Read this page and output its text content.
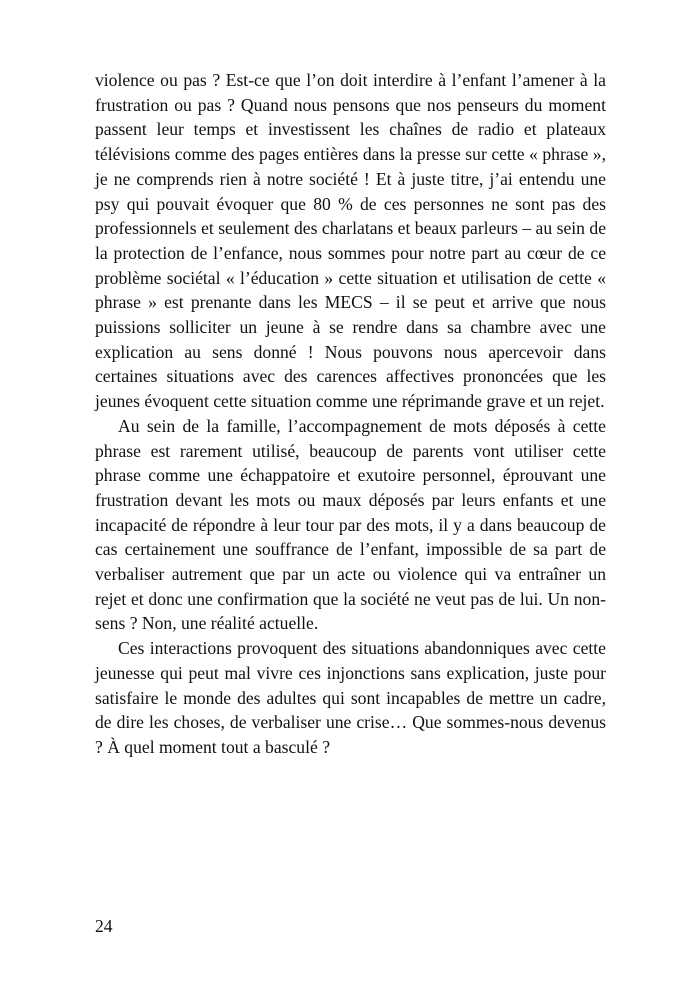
violence ou pas ? Est-ce que l’on doit interdire à l’enfant l’amener à la frustration ou pas ? Quand nous pensons que nos penseurs du moment passent leur temps et investissent les chaînes de radio et plateaux télévisions comme des pages entières dans la presse sur cette « phrase », je ne comprends rien à notre société ! Et à juste titre, j’ai entendu une psy qui pouvait évoquer que 80 % de ces personnes ne sont pas des professionnels et seulement des charlatans et beaux parleurs – au sein de la protection de l’enfance, nous sommes pour notre part au cœur de ce problème sociétal « l’éducation » cette situation et utilisation de cette « phrase » est prenante dans les MECS – il se peut et arrive que nous puissions solliciter un jeune à se rendre dans sa chambre avec une explication au sens donné ! Nous pouvons nous apercevoir dans certaines situations avec des carences affectives prononcées que les jeunes évoquent cette situation comme une réprimande grave et un rejet.

Au sein de la famille, l’accompagnement de mots déposés à cette phrase est rarement utilisé, beaucoup de parents vont utiliser cette phrase comme une échappatoire et exutoire personnel, éprouvant une frustration devant les mots ou maux déposés par leurs enfants et une incapacité de répondre à leur tour par des mots, il y a dans beaucoup de cas certainement une souffrance de l’enfant, impossible de sa part de verbaliser autrement que par un acte ou violence qui va entraîner un rejet et donc une confirmation que la société ne veut pas de lui. Un non-sens ? Non, une réalité actuelle.

Ces interactions provoquent des situations abandonniques avec cette jeunesse qui peut mal vivre ces injonctions sans explication, juste pour satisfaire le monde des adultes qui sont incapables de mettre un cadre, de dire les choses, de verbaliser une crise… Que sommes-nous devenus ? À quel moment tout a basculé ?

24
